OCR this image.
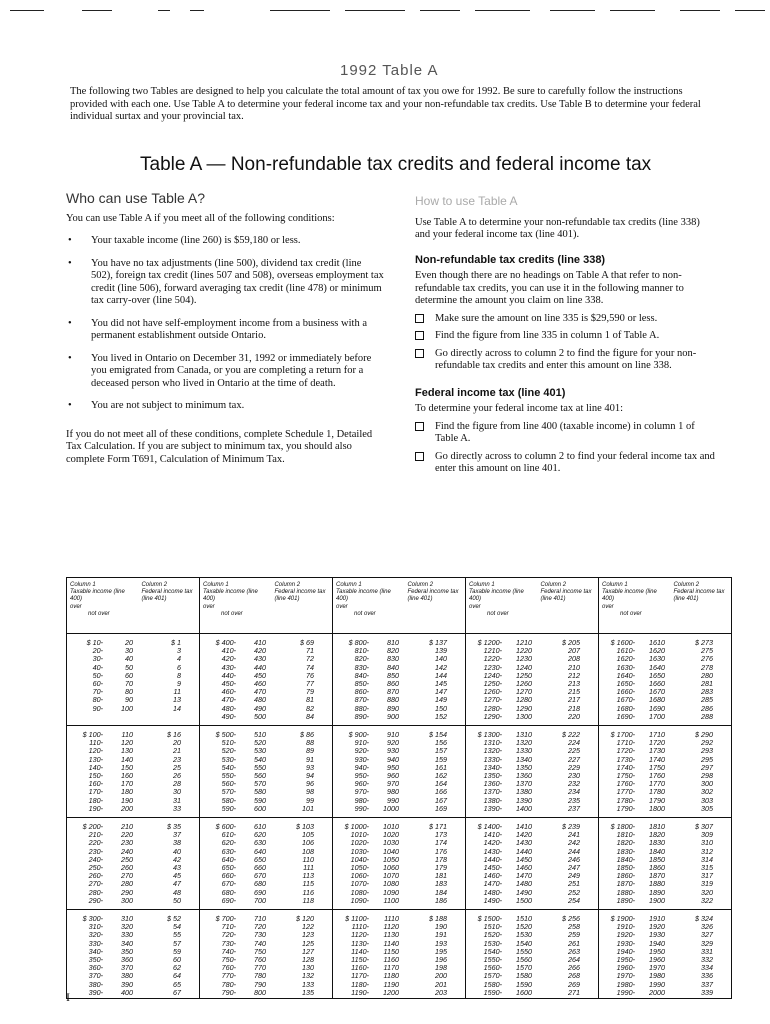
1992 Table A

The following two Tables are designed to help you calculate the total amount of tax you owe for 1992. Be sure to carefully follow the instructions provided with each one. Use Table A to determine your federal income tax and your non-refundable tax credits. Use Table B to determine your federal individual surtax and your provincial tax.

Table A — Non-refundable tax credits and federal income tax
Who can use Table A?

You can use Table A if you meet all of the following conditions:

• Your taxable income (line 260) is $59,180 or less.
• You have no tax adjustments (line 500), dividend tax credit (line 502), foreign tax credit (lines 507 and 508), overseas employment tax credit (line 506), forward averaging tax credit (line 478) or minimum tax carry-over (line 504).
• You did not have self-employment income from a business with a permanent establishment outside Ontario.
• You lived in Ontario on December 31, 1992 or immediately before you emigrated from Canada, or you are completing a return for a deceased person who lived in Ontario at the time of death.
• You are not subject to minimum tax.

If you do not meet all of these conditions, complete Schedule 1, Detailed Tax Calculation. If you are subject to minimum tax, you should also complete Form T691, Calculation of Minimum Tax.

How to use Table A

Use Table A to determine your non-refundable tax credits (line 338) and your federal income tax (line 401).

Non-refundable tax credits (line 338)

Even though there are no headings on Table A that refer to non-refundable tax credits, you can use it in the following manner to determine the amount you claim on line 338.

Make sure the amount on line 335 is $29,590 or less.
Find the figure from line 335 in column 1 of Table A.
Go directly across to column 2 to find the figure for your non-refundable tax credits and enter this amount on line 338.
Federal income tax (line 401)

To determine your federal income tax at line 401:

Find the figure from line 400 (taxable income) in column 1 of Table A.
Go directly across to column 2 to find your federal income tax and enter this amount on line 401.
Column 1
Taxable income (line 400)
over
not over
Column 2
Federal income tax (line 401)
$ 10-
20-
30-
40-
50-
60-
70-
80-
90-
20
30
40
50
60
70
80
90
100
$ 1
3
4
6
8
9
11
13
14
$ 100-
110-
120-
130-
140-
150-
160-
170-
180-
190-
110
120
130
140
150
160
170
180
190
200
$ 16
20
21
23
25
26
28
30
31
33
$ 200-
210-
220-
230-
240-
250-
260-
270-
280-
290-
210
220
230
240
250
260
270
280
290
300
$ 35
37
38
40
42
43
45
47
48
50
$ 300-
310-
320-
330-
340-
350-
360-
370-
380-
390-
310
320
330
340
350
360
370
380
390
400
$ 52
54
55
57
59
60
62
64
65
67
Column 1
Taxable income (line 400)
over
not over
Column 2
Federal income tax (line 401)
$ 400-
410-
420-
430-
440-
450-
460-
470-
480-
490-
410
420
430
440
450
460
470
480
490
500
$ 69
71
72
74
76
77
79
81
82
84
$ 500-
510-
520-
530-
540-
550-
560-
570-
580-
590-
510
520
530
540
550
560
570
580
590
600
$ 86
88
89
91
93
94
96
98
99
101
$ 600-
610-
620-
630-
640-
650-
660-
670-
680-
690-
610
620
630
640
650
660
670
680
690
700
$ 103
105
106
108
110
111
113
115
116
118
$ 700-
710-
720-
730-
740-
750-
760-
770-
780-
790-
710
720
730
740
750
760
770
780
790
800
$ 120
122
123
125
127
128
130
132
133
135
Column 1
Taxable income (line 400)
over
not over
Column 2
Federal income tax (line 401)
$ 800-
810-
820-
830-
840-
850-
860-
870-
880-
890-
810
820
830
840
850
860
870
880
890
900
$ 137
139
140
142
144
145
147
149
150
152
$ 900-
910-
920-
930-
940-
950-
960-
970-
980-
990-
910
920
930
940
950
960
970
980
990
1000
$ 154
156
157
159
161
162
164
166
167
169
$ 1000-
1010-
1020-
1030-
1040-
1050-
1060-
1070-
1080-
1090-
1010
1020
1030
1040
1050
1060
1070
1080
1090
1100
$ 171
173
174
176
178
179
181
183
184
186
$ 1100-
1110-
1120-
1130-
1140-
1150-
1160-
1170-
1180-
1190-
1110
1120
1130
1140
1150
1160
1170
1180
1190
1200
$ 188
190
191
193
195
196
198
200
201
203
Column 1
Taxable income (line 400)
over
not over
Column 2
Federal income tax (line 401)
$ 1200-
1210-
1220-
1230-
1240-
1250-
1260-
1270-
1280-
1290-
1210
1220
1230
1240
1250
1260
1270
1280
1290
1300
$ 205
207
208
210
212
213
215
217
218
220
$ 1300-
1310-
1320-
1330-
1340-
1350-
1360-
1370-
1380-
1390-
1310
1320
1330
1340
1350
1360
1370
1380
1390
1400
$ 222
224
225
227
229
230
232
234
235
237
$ 1400-
1410-
1420-
1430-
1440-
1450-
1460-
1470-
1480-
1490-
1410
1420
1430
1440
1450
1460
1470
1480
1490
1500
$ 239
241
242
244
246
247
249
251
252
254
$ 1500-
1510-
1520-
1530-
1540-
1550-
1560-
1570-
1580-
1590-
1510
1520
1530
1540
1550
1560
1570
1580
1590
1600
$ 256
258
259
261
263
264
266
268
269
271
Column 1
Taxable income (line 400)
over
not over
Column 2
Federal income tax (line 401)
$ 1600-
1610-
1620-
1630-
1640-
1650-
1660-
1670-
1680-
1690-
1610
1620
1630
1640
1650
1660
1670
1680
1690
1700
$ 273
275
276
278
280
281
283
285
286
288
$ 1700-
1710-
1720-
1730-
1740-
1750-
1760-
1770-
1780-
1790-
1710
1720
1730
1740
1750
1760
1770
1780
1790
1800
$ 290
292
293
295
297
298
300
302
303
305
$ 1800-
1810-
1820-
1830-
1840-
1850-
1860-
1870-
1880-
1890-
1810
1820
1830
1840
1850
1860
1870
1880
1890
1900
$ 307
309
310
312
314
315
317
319
320
322
$ 1900-
1910-
1920-
1930-
1940-
1950-
1960-
1970-
1980-
1990-
1910
1920
1930
1940
1950
1960
1970
1980
1990
2000
$ 324
326
327
329
331
332
334
336
337
339
I
